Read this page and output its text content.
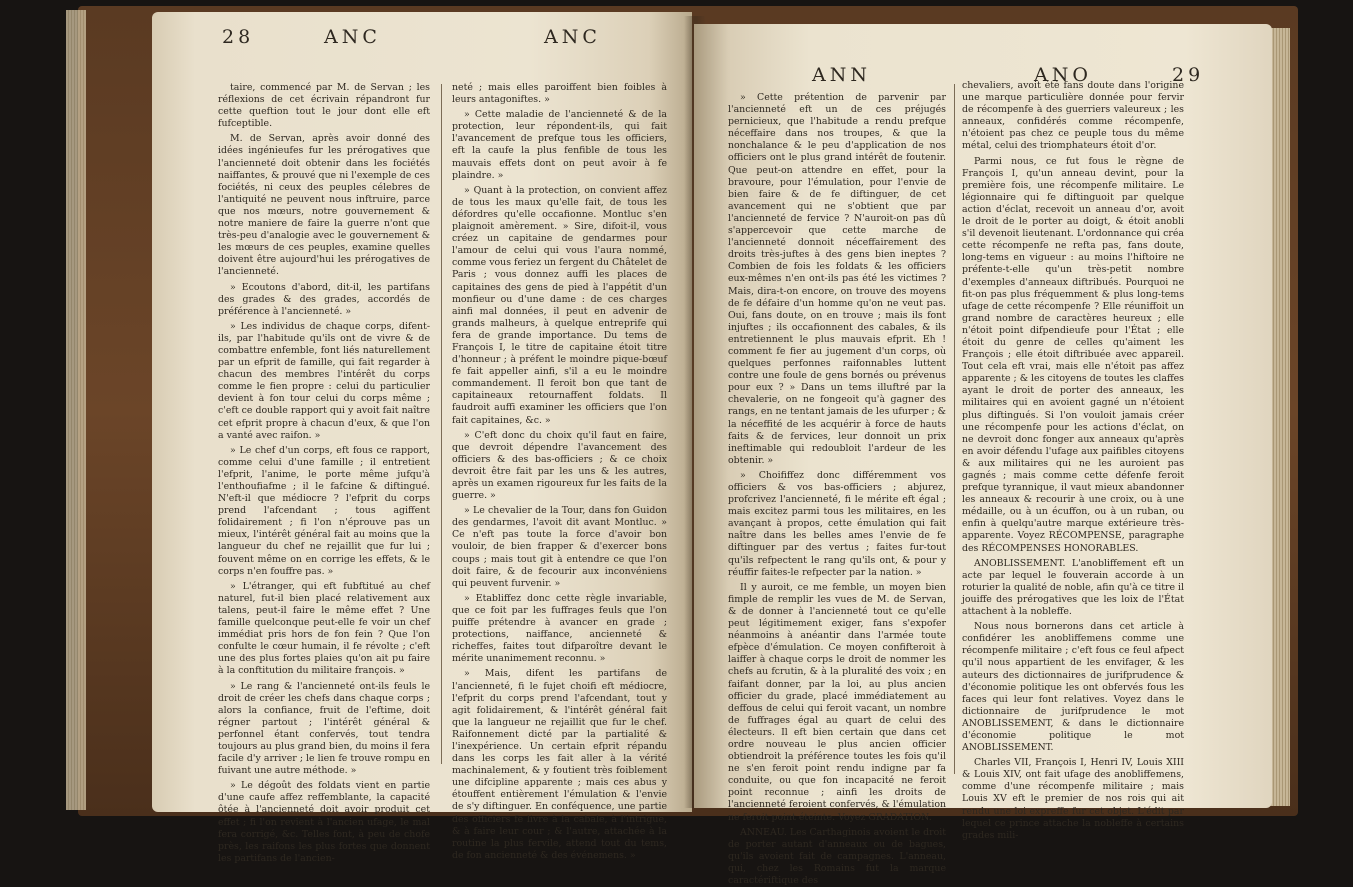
28	ANC	ANC

taire, commencé par M. de Servan ; les réflexions de cet écrivain répandront fur cette queftion tout le jour dont elle eft fufceptible.

M. de Servan, après avoir donné des idées ingénieufes fur les prérogatives que l'ancienneté doit obtenir dans les fociétés naiffantes, & prouvé que ni l'exemple de ces fociétés, ni ceux des peuples célebres de l'antiquité ne peuvent nous inftruire, parce que nos mœurs, notre gouvernement & notre maniere de faire la guerre n'ont que très-peu d'analogie avec le gouvernement & les mœurs de ces peuples, examine quelles doivent être aujourd'hui les prérogatives de l'ancienneté.

» Ecoutons d'abord, dit-il, les partifans des grades & des grades, accordés de préférence à l'ancienneté. »

» Les individus de chaque corps, difent-ils, par l'habitude qu'ils ont de vivre & de combattre enfemble, font liés naturellement par un efprit de famille, qui fait regarder à chacun des membres l'intérêt du corps comme le fien propre : celui du particulier devient à fon tour celui du corps même ; c'eft ce double rapport qui y avoit fait naître cet efprit propre à chacun d'eux, & que l'on a vanté avec raifon. »

» Le chef d'un corps, eft fous ce rapport, comme celui d'une famille ; il entretient l'efprit, l'anime, le porte même jufqu'à l'enthoufiafme ; il le fafcine & diftingué. N'eft-il que médiocre ? l'efprit du corps prend l'afcendant ; tous agiffent folidairement ; fi l'on n'éprouve pas un mieux, l'intérêt général fait au moins que la langueur du chef ne rejaillit que fur lui ; fouvent même on en corrige les effets, & le corps n'en fouffre pas. »

» L'étranger, qui eft fubftitué au chef naturel, fut-il bien placé relativement aux talens, peut-il faire le même effet ? Une famille quelconque peut-elle fe voir un chef immédiat pris hors de fon fein ? Que l'on confulte le cœur humain, il fe révolte ; c'eft une des plus fortes plaies qu'on ait pu faire à la conftitution du militaire françois. »

» Le rang & l'ancienneté ont-ils feuls le droit de créer les chefs dans chaque corps ; alors la confiance, fruit de l'eftime, doit régner partout ; l'intérêt général & perfonnel étant confervés, tout tendra toujours au plus grand bien, du moins il fera facile d'y arriver ; le lien fe trouve rompu en fuivant une autre méthode. »

» Le dégoût des foldats vient en partie d'une caufe affez reffemblante, la capacité ôtée à l'ancienneté doit avoir produit cet effet ; fi l'on revient à l'ancien ufage, le mal fera corrigé, &c. Telles font, à peu de chofe près, les raifons les plus fortes que donnent les partifans de l'ancien-

neté ; mais elles paroiffent bien foibles à leurs antagoniftes. »

» Cette maladie de l'ancienneté & de la protection, leur répondent-ils, qui fait l'avancement de prefque tous les officiers, eft la caufe la plus fenfible de tous les mauvais effets dont on peut avoir à fe plaindre. »

» Quant à la protection, on convient affez de tous les maux qu'elle fait, de tous les défordres qu'elle occafionne. Montluc s'en plaignoit amèrement. » Sire, difoit-il, vous créez un capitaine de gendarmes pour l'amour de celui qui vous l'aura nommé, comme vous feriez un fergent du Châtelet de Paris ; vous donnez auffi les places de capitaines des gens de pied à l'appétit d'un monfieur ou d'une dame : de ces charges ainfi mal données, il peut en advenir de grands malheurs, à quelque entreprife qui fera de grande importance. Du tems de François I, le titre de capitaine étoit titre d'honneur ; à préfent le moindre pique-bœuf fe fait appeller ainfi, s'il a eu le moindre commandement. Il feroit bon que tant de capitaineaux retournaffent foldats. Il faudroit auffi examiner les officiers que l'on fait capitaines, &c. »

» C'eft donc du choix qu'il faut en faire, que devroit dépendre l'avancement des officiers & des bas-officiers ; & ce choix devroit être fait par les uns & les autres, après un examen rigoureux fur les faits de la guerre. »

» Le chevalier de la Tour, dans fon Guidon des gendarmes, l'avoit dit avant Montluc. » Ce n'eft pas toute la force d'avoir bon vouloir, de bien frapper & d'exercer bons coups ; mais tout git à entendre ce que l'on doit faire, & de fecourir aux inconvéniens qui peuvent furvenir. »

» Etabliffez donc cette règle invariable, que ce foit par les fuffrages feuls que l'on puiffe prétendre à avancer en grade ; protections, naiffance, ancienneté & richeffes, faites tout difparoître devant le mérite unanimement reconnu. »

» Mais, difent les partifans de l'ancienneté, fi le fujet choifi eft médiocre, l'efprit du corps prend l'afcendant, tout y agit folidairement, & l'intérêt général fait que la langueur ne rejaillit que fur le chef. Raifonnement dicté par la partialité & l'inexpérience. Un certain efprit répandu dans les corps les fait aller à la vérité machinalement, & y foutient très foiblement une difcipline apparente ; mais ces abus y étouffent entièrement l'émulation & l'envie de s'y diftinguer. En conféquence, une partie des officiers fe livre à la cabale, à l'intrigue, & à faire leur cour ; & l'autre, attachée à la routine la plus fervile, attend tout du tems, de fon ancienneté & des événemens. »

ANN	ANO	29

» Cette prétention de parvenir par l'ancienneté eft un de ces préjugés pernicieux, que l'habitude a rendu prefque néceffaire dans nos troupes, & que la nonchalance & le peu d'application de nos officiers ont le plus grand intérêt de foutenir. Que peut-on attendre en effet, pour la bravoure, pour l'émulation, pour l'envie de bien faire & de fe diftinguer, de cet avancement qui ne s'obtient que par l'ancienneté de fervice ? N'auroit-on pas dû s'appercevoir que cette marche de l'ancienneté donnoit néceffairement des droits très-juftes à des gens bien ineptes ? Combien de fois les foldats & les officiers eux-mêmes n'en ont-ils pas été les victimes ? Mais, dira-t-on encore, on trouve des moyens de fe défaire d'un homme qu'on ne veut pas. Oui, fans doute, on en trouve ; mais ils font injuftes ; ils occafionnent des cabales, & ils entretiennent le plus mauvais efprit. Eh ! comment fe fier au jugement d'un corps, où quelques perfonnes raifonnables luttent contre une foule de gens bornés ou prévenus pour eux ? » Dans un tems illuftré par la chevalerie, on ne fongeoit qu'à gagner des rangs, en ne tentant jamais de les ufurper ; & la néceffité de les acquérir à force de hauts faits & de fervices, leur donnoit un prix ineftimable qui redoubloit l'ardeur de les obtenir. »

» Choififfez donc différemment vos officiers & vos bas-officiers ; abjurez, profcrivez l'ancienneté, fi le mérite eft égal ; mais excitez parmi tous les militaires, en les avançant à propos, cette émulation qui fait naître dans les belles ames l'envie de fe diftinguer par des vertus ; faites fur-tout qu'ils refpectent le rang qu'ils ont, & pour y réuffir faites-le refpecter par la nation. »

Il y auroit, ce me femble, un moyen bien fimple de remplir les vues de M. de Servan, & de donner à l'ancienneté tout ce qu'elle peut légitimement exiger, fans s'expofer néanmoins à anéantir dans l'armée toute efpèce d'émulation. Ce moyen confifteroit à laiffer à chaque corps le droit de nommer les chefs au fcrutin, & à la pluralité des voix ; en faifant donner, par la loi, au plus ancien officier du grade, placé immédiatement au deffous de celui qui feroit vacant, un nombre de fuffrages égal au quart de celui des électeurs. Il eft bien certain que dans cet ordre nouveau le plus ancien officier obtiendroit la préférence toutes les fois qu'il ne s'en feroit point rendu indigne par fa conduite, ou que fon incapacité ne feroit point reconnue ; ainfi les droits de l'ancienneté feroient confervés, & l'émulation ne feroit point éteinte. Voyez GRADATION.

ANNEAU. Les Carthaginois avoient le droit de porter autant d'anneaux ou de bagues, qu'ils avoient fait de campagnes. L'anneau, qui, chez les Romains fut la marque caractériftique des

chevaliers, avoit été fans doute dans l'origine une marque particulière donnée pour fervir de récompenfe à des guerriers valeureux ; les anneaux, confidérés comme récompenfe, n'étoient pas chez ce peuple tous du même métal, celui des triomphateurs étoit d'or.

Parmi nous, ce fut fous le règne de François I, qu'un anneau devint, pour la première fois, une récompenfe militaire. Le légionnaire qui fe diftinguoit par quelque action d'éclat, recevoit un anneau d'or, avoit le droit de le porter au doigt, & étoit anobli s'il devenoit lieutenant. L'ordonnance qui créa cette récompenfe ne refta pas, fans doute, long-tems en vigueur : au moins l'hiftoire ne préfente-t-elle qu'un très-petit nombre d'exemples d'anneaux diftribués. Pourquoi ne fit-on pas plus fréquemment & plus long-tems ufage de cette récompenfe ? Elle réuniffoit un grand nombre de caractères heureux ; elle n'étoit point difpendieufe pour l'État ; elle étoit du genre de celles qu'aiment les François ; elle étoit diftribuée avec appareil. Tout cela eft vrai, mais elle n'étoit pas affez apparente ; & les citoyens de toutes les claffes ayant le droit de porter des anneaux, les militaires qui en avoient gagné un n'étoient plus diftingués. Si l'on vouloit jamais créer une récompenfe pour les actions d'éclat, on ne devroit donc fonger aux anneaux qu'après en avoir défendu l'ufage aux paifibles citoyens & aux militaires qui ne les auroient pas gagnés ; mais comme cette défenfe feroit prefque tyrannique, il vaut mieux abandonner les anneaux & recourir à une croix, ou à une médaille, ou à un écuffon, ou à un ruban, ou enfin à quelqu'autre marque extérieure très-apparente. Voyez RÉCOMPENSE, paragraphe des RÉCOMPENSES HONORABLES.

ANOBLISSEMENT. L'anobliffement eft un acte par lequel le fouverain accorde à un roturier la qualité de noble, afin qu'à ce titre il jouiffe des prérogatives que les loix de l'État attachent à la nobleffe.

Nous nous bornerons dans cet article à confidérer les anobliffemens comme une récompenfe militaire ; c'eft fous ce feul afpect qu'il nous appartient de les envifager, & les auteurs des dictionnaires de jurifprudence & d'économie politique les ont obfervés fous les faces qui leur font relatives. Voyez dans le dictionnaire de jurifprudence le mot ANOBLISSEMENT, & dans le dictionnaire d'économie politique le mot ANOBLISSEMENT.

Charles VII, François I, Henri IV, Louis XIII & Louis XIV, ont fait ufage des anobliffemens, comme d'une récompenfe militaire ; mais Louis XV eft le premier de nos rois qui ait rendu une loi expreffe fur cet objet. L'édit par lequel ce prince attache la nobleffe à certains grades mili-
